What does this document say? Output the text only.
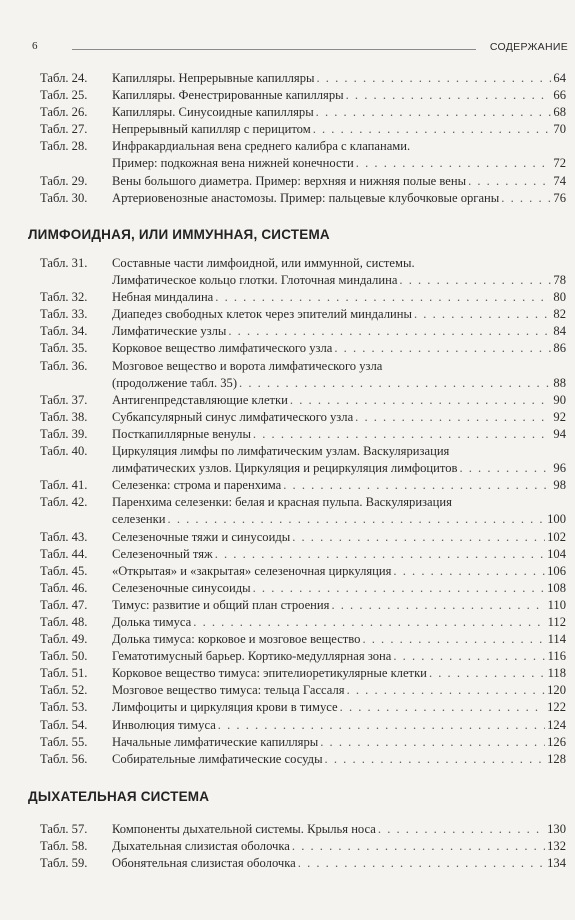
6	СОДЕРЖАНИЕ
Табл. 24.	Капилляры. Непрерывные капилляры . . .	64
Табл. 25.	Капилляры. Фенестрированные капилляры . . .	66
Табл. 26.	Капилляры. Синусоидные капилляры . . .	68
Табл. 27.	Непрерывный капилляр с перицитом . . .	70
Табл. 28.	Инфракардиальная вена среднего калибра с клапанами.
Пример: подкожная вена нижней конечности . . .	72
Табл. 29.	Вены большого диаметра. Пример: верхняя и нижняя полые вены . . .	74
Табл. 30.	Артериовенозные анастомозы. Пример: пальцевые клубочковые органы . . .	76
ЛИМФОИДНАЯ, ИЛИ ИММУННАЯ, СИСТЕМА
Табл. 31.	Составные части лимфоидной, или иммунной, системы.
Лимфатическое кольцо глотки. Глоточная миндалина . . .	78
Табл. 32.	Небная миндалина . . .	80
Табл. 33.	Диапедез свободных клеток через эпителий миндалины . . .	82
Табл. 34.	Лимфатические узлы . . .	84
Табл. 35.	Корковое вещество лимфатического узла . . .	86
Табл. 36.	Мозговое вещество и ворота лимфатического узла
(продолжение табл. 35) . . .	88
Табл. 37.	Антигенпредставляющие клетки . . .	90
Табл. 38.	Субкапсулярный синус лимфатического узла . . .	92
Табл. 39.	Посткапиллярные венулы . . .	94
Табл. 40.	Циркуляция лимфы по лимфатическим узлам. Васкуляризация
лимфатических узлов. Циркуляция и рециркуляция лимфоцитов . . .	96
Табл. 41.	Селезенка: строма и паренхима . . .	98
Табл. 42.	Паренхима селезенки: белая и красная пульпа. Васкуляризация
селезенки . . .	100
Табл. 43.	Селезеночные тяжи и синусоиды . . .	102
Табл. 44.	Селезеночный тяж . . .	104
Табл. 45.	«Открытая» и «закрытая» селезеночная циркуляция . . .	106
Табл. 46.	Селезеночные синусоиды . . .	108
Табл. 47.	Тимус: развитие и общий план строения . . .	110
Табл. 48.	Долька тимуса . . .	112
Табл. 49.	Долька тимуса: корковое и мозговое вещество . . .	114
Табл. 50.	Гематотимусный барьер. Кортико-медуллярная зона . . .	116
Табл. 51.	Корковое вещество тимуса: эпителиоретикулярные клетки . . .	118
Табл. 52.	Мозговое вещество тимуса: тельца Гассаля . . .	120
Табл. 53.	Лимфоциты и циркуляция крови в тимусе . . .	122
Табл. 54.	Инволюция тимуса . . .	124
Табл. 55.	Начальные лимфатические капилляры . . .	126
Табл. 56.	Собирательные лимфатические сосуды . . .	128
ДЫХАТЕЛЬНАЯ СИСТЕМА
Табл. 57.	Компоненты дыхательной системы. Крылья носа . . .	130
Табл. 58.	Дыхательная слизистая оболочка . . .	132
Табл. 59.	Обонятельная слизистая оболочка . . .	134
